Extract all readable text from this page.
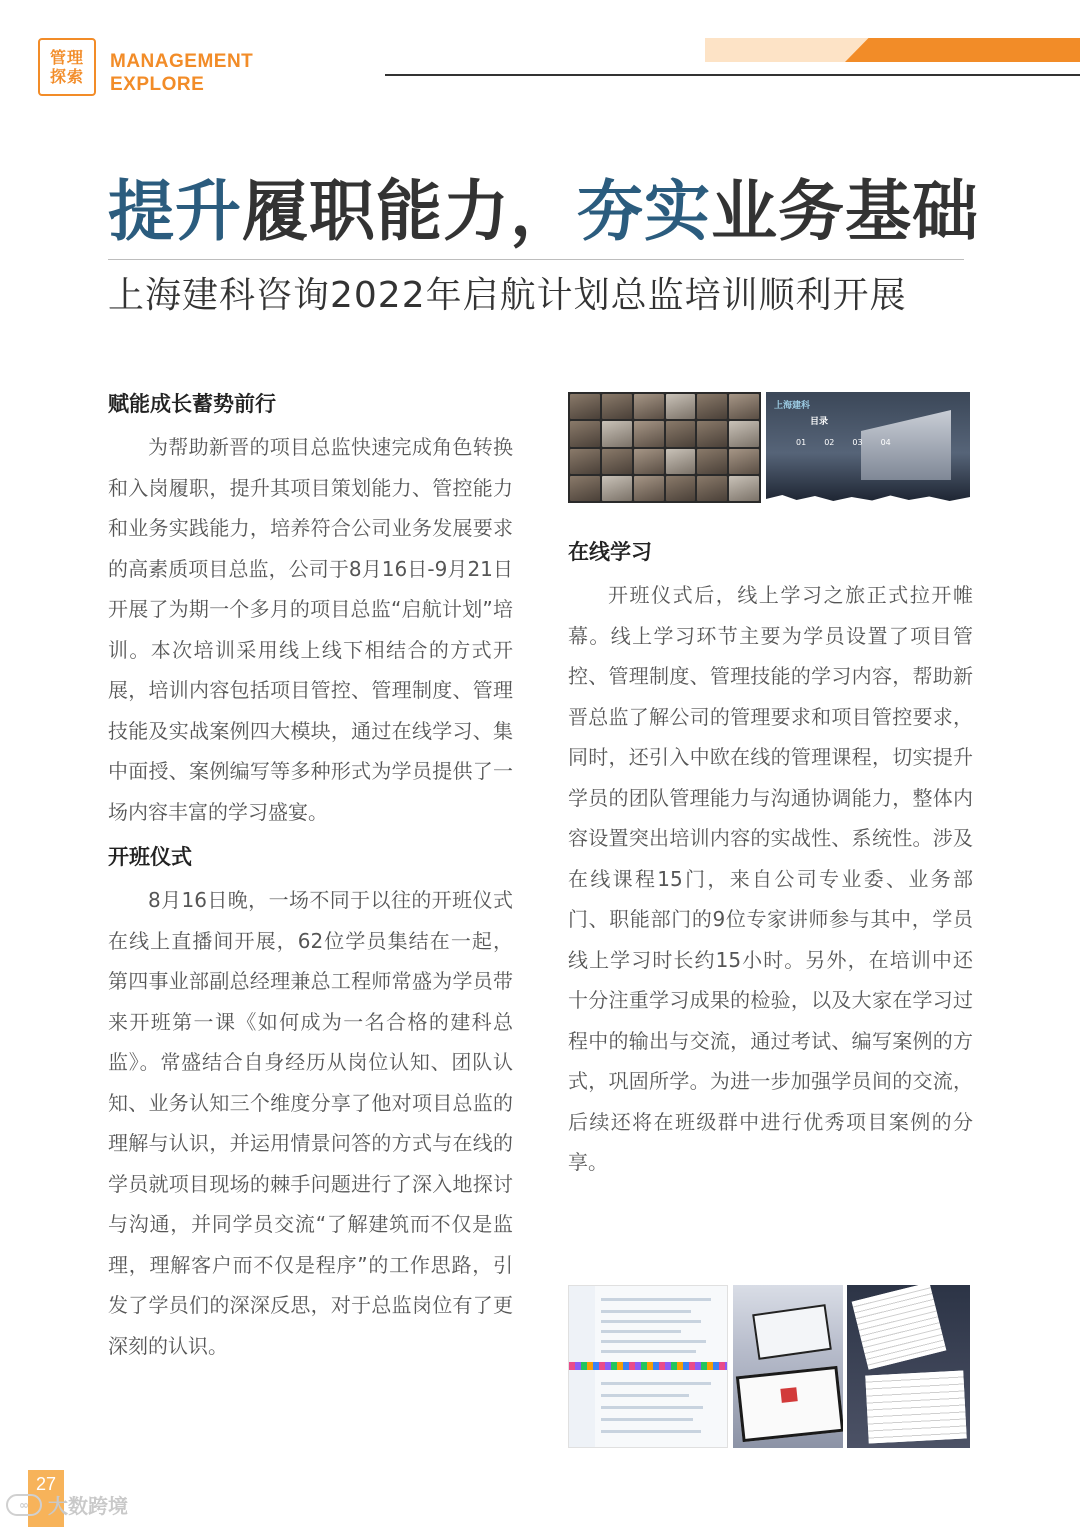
管理
探索
MANAGEMENT
EXPLORE
提升履职能力，夯实业务基础
上海建科咨询2022年启航计划总监培训顺利开展
赋能成长蓄势前行

为帮助新晋的项目总监快速完成角色转换和入岗履职，提升其项目策划能力、管控能力和业务实践能力，培养符合公司业务发展要求的高素质项目总监，公司于8月16日-9月21日开展了为期一个多月的项目总监“启航计划”培训。本次培训采用线上线下相结合的方式开展，培训内容包括项目管控、管理制度、管理技能及实战案例四大模块，通过在线学习、集中面授、案例编写等多种形式为学员提供了一场内容丰富的学习盛宴。

开班仪式

8月16日晚，一场不同于以往的开班仪式在线上直播间开展，62位学员集结在一起，第四事业部副总经理兼总工程师常盛为学员带来开班第一课《如何成为一名合格的建科总监》。常盛结合自身经历从岗位认知、团队认知、业务认知三个维度分享了他对项目总监的理解与认识，并运用情景问答的方式与在线的学员就项目现场的棘手问题进行了深入地探讨与沟通，并同学员交流“了解建筑而不仅是监理，理解客户而不仅是程序”的工作思路，引发了学员们的深深反思，对于总监岗位有了更深刻的认识。

上海建科
目录
01 02 03 04
在线学习

开班仪式后，线上学习之旅正式拉开帷幕。线上学习环节主要为学员设置了项目管控、管理制度、管理技能的学习内容，帮助新晋总监了解公司的管理要求和项目管控要求，同时，还引入中欧在线的管理课程，切实提升学员的团队管理能力与沟通协调能力，整体内容设置突出培训内容的实战性、系统性。涉及在线课程15门，来自公司专业委、业务部门、职能部门的9位专家讲师参与其中，学员线上学习时长约15小时。另外，在培训中还十分注重学习成果的检验，以及大家在学习过程中的输出与交流，通过考试、编写案例的方式，巩固所学。为进一步加强学员间的交流，后续还将在班级群中进行优秀项目案例的分享。

27
∞ 大数跨境
